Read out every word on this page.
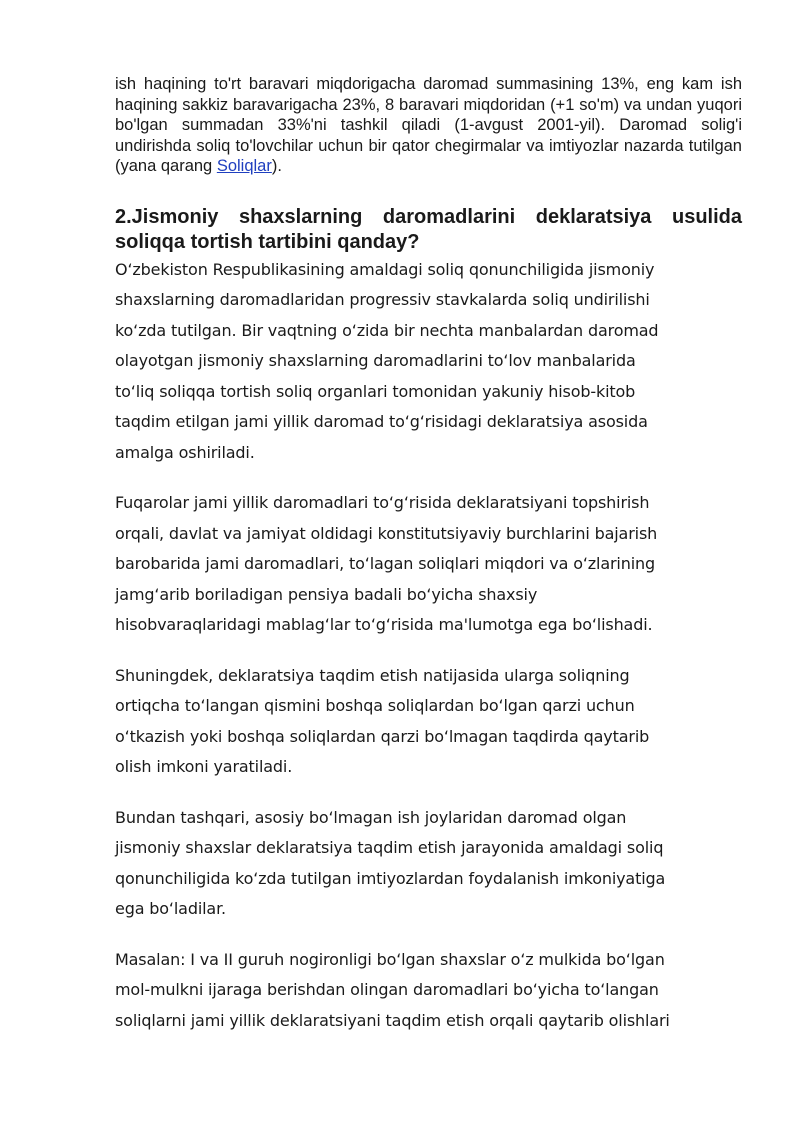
ish haqining to'rt baravari miqdorigacha daromad summasining 13%, eng kam ish haqining sakkiz baravarigacha 23%, 8 baravari miqdoridan (+1 so'm) va undan yuqori bo'lgan summadan 33%'ni tashkil qiladi (1-avgust 2001-yil). Daromad solig'i undirishda soliq to'lovchilar uchun bir qator chegirmalar va imtiyozlar nazarda tutilgan (yana qarang Soliqlar).

2.Jismoniy shaxslarning daromadlarini deklaratsiya usulida soliqqa tortish tartibini qanday?

O‘zbekiston Respublikasining amaldagi soliq qonunchiligida jismoniy
shaxslarning daromadlaridan progressiv stavkalarda soliq undirilishi
ko‘zda tutilgan. Bir vaqtning o‘zida bir nechta manbalardan daromad
olayotgan jismoniy shaxslarning daromadlarini to‘lov manbalarida
to‘liq soliqqa tortish soliq organlari tomonidan yakuniy hisob-kitob
taqdim etilgan jami yillik daromad to‘g‘risidagi deklaratsiya asosida
amalga oshiriladi.

Fuqarolar jami yillik daromadlari to‘g‘risida deklaratsiyani topshirish
orqali, davlat va jamiyat oldidagi konstitutsiyaviy burchlarini bajarish
barobarida jami daromadlari, to‘lagan soliqlari miqdori va o‘zlarining
jamg‘arib boriladigan pensiya badali bo‘yicha shaxsiy
hisobvaraqlaridagi mablag‘lar to‘g‘risida ma'lumotga ega bo‘lishadi.

Shuningdek, deklaratsiya taqdim etish natijasida ularga soliqning
ortiqcha to‘langan qismini boshqa soliqlardan bo‘lgan qarzi uchun
o‘tkazish yoki boshqa soliqlardan qarzi bo‘lmagan taqdirda qaytarib
olish imkoni yaratiladi.

Bundan tashqari, asosiy bo‘lmagan ish joylaridan daromad olgan
jismoniy shaxslar deklaratsiya taqdim etish jarayonida amaldagi soliq
qonunchiligida ko‘zda tutilgan imtiyozlardan foydalanish imkoniyatiga
ega bo‘ladilar.

Masalan: I va II guruh nogironligi bo‘lgan shaxslar o‘z mulkida bo‘lgan
mol-mulkni ijaraga berishdan olingan daromadlari bo‘yicha to‘langan
soliqlarni jami yillik deklaratsiyani taqdim etish orqali qaytarib olishlari
